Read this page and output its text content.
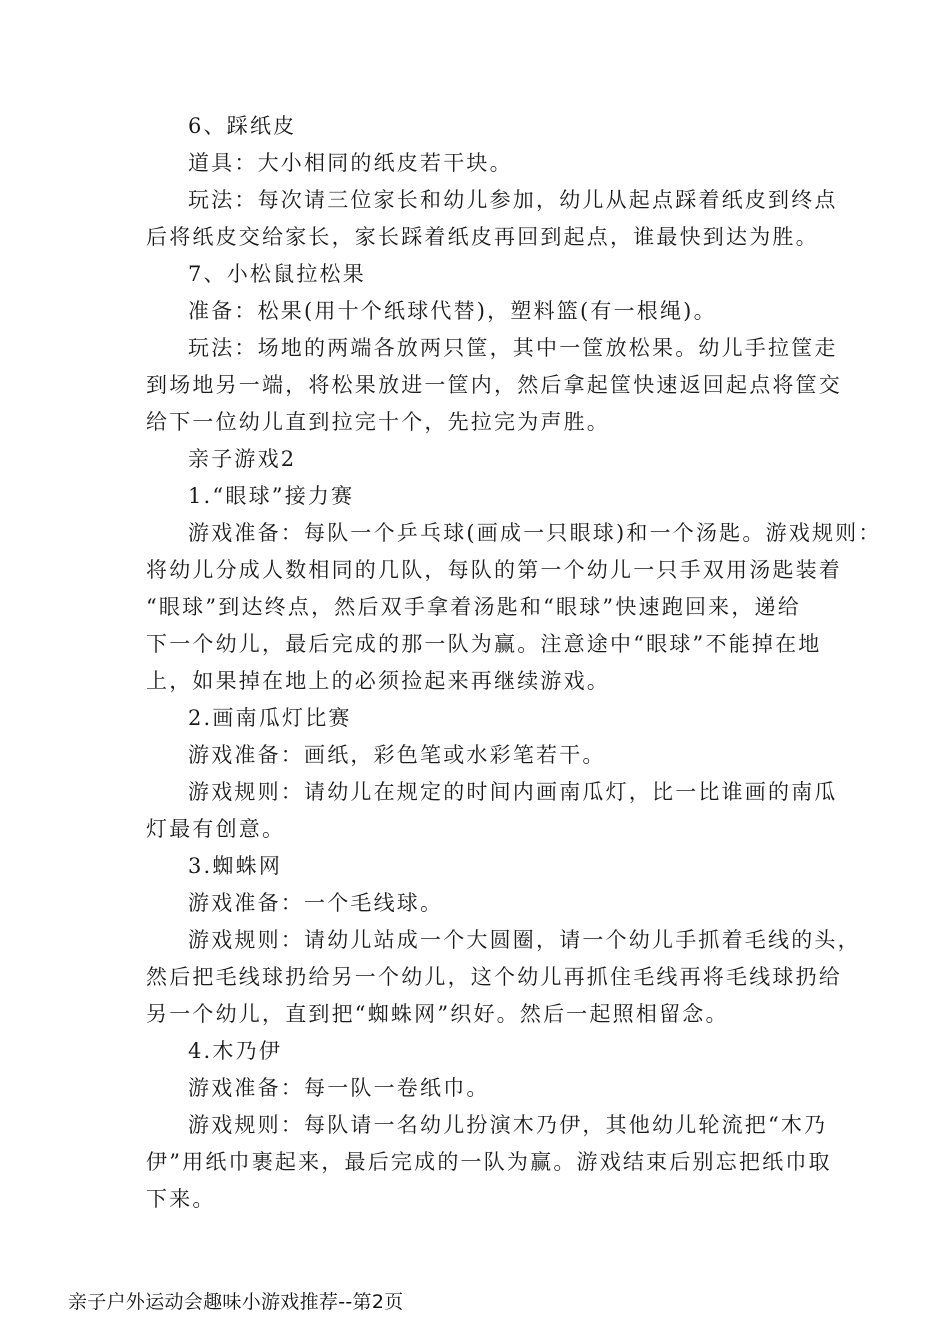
6、踩纸皮
道具：大小相同的纸皮若干块。
玩法：每次请三位家长和幼儿参加，幼儿从起点踩着纸皮到终点
后将纸皮交给家长，家长踩着纸皮再回到起点，谁最快到达为胜。
7、小松鼠拉松果
准备：松果(用十个纸球代替)，塑料篮(有一根绳)。
玩法：场地的两端各放两只筐，其中一筐放松果。幼儿手拉筐走
到场地另一端，将松果放进一筐内，然后拿起筐快速返回起点将筐交
给下一位幼儿直到拉完十个，先拉完为声胜。
亲子游戏2
1.“眼球”接力赛
游戏准备：每队一个乒乓球(画成一只眼球)和一个汤匙。游戏规则：
将幼儿分成人数相同的几队，每队的第一个幼儿一只手双用汤匙装着
“眼球”到达终点，然后双手拿着汤匙和“眼球”快速跑回来，递给
下一个幼儿，最后完成的那一队为赢。注意途中“眼球”不能掉在地
上，如果掉在地上的必须捡起来再继续游戏。
2.画南瓜灯比赛
游戏准备：画纸，彩色笔或水彩笔若干。
游戏规则：请幼儿在规定的时间内画南瓜灯，比一比谁画的南瓜
灯最有创意。
3.蜘蛛网
游戏准备：一个毛线球。
游戏规则：请幼儿站成一个大圆圈，请一个幼儿手抓着毛线的头，
然后把毛线球扔给另一个幼儿，这个幼儿再抓住毛线再将毛线球扔给
另一个幼儿，直到把“蜘蛛网”织好。然后一起照相留念。
4.木乃伊
游戏准备：每一队一卷纸巾。
游戏规则：每队请一名幼儿扮演木乃伊，其他幼儿轮流把“木乃
伊”用纸巾裹起来，最后完成的一队为赢。游戏结束后别忘把纸巾取
下来。
亲子户外运动会趣味小游戏推荐--第2页
